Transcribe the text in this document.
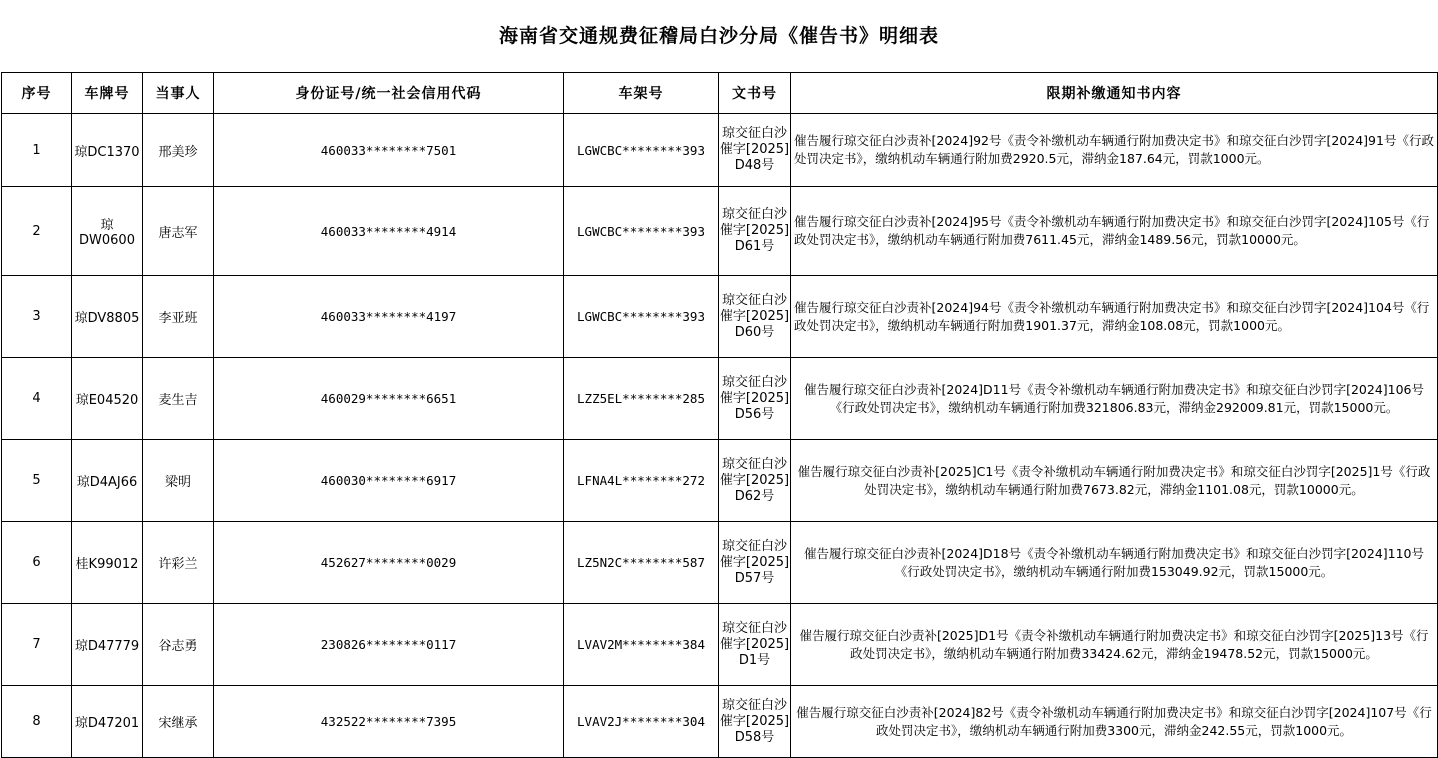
海南省交通规费征稽局白沙分局《催告书》明细表
序号	车牌号	当事人	身份证号/统一社会信用代码	车架号	文书号	限期补缴通知书内容
1	琼DC1370	邢美珍	460033********7501	LGWCBC********393	琼交征白沙催字[2025]D48号	催告履行琼交征白沙责补[2024]92号《责令补缴机动车辆通行附加费决定书》和琼交征白沙罚字[2024]91号《行政处罚决定书》，缴纳机动车辆通行附加费2920.5元，滞纳金187.64元，罚款1000元。
2	琼DW0600	唐志军	460033********4914	LGWCBC********393	琼交征白沙催字[2025]D61号	催告履行琼交征白沙责补[2024]95号《责令补缴机动车辆通行附加费决定书》和琼交征白沙罚字[2024]105号《行政处罚决定书》，缴纳机动车辆通行附加费7611.45元，滞纳金1489.56元，罚款10000元。
3	琼DV8805	李亚班	460033********4197	LGWCBC********393	琼交征白沙催字[2025]D60号	催告履行琼交征白沙责补[2024]94号《责令补缴机动车辆通行附加费决定书》和琼交征白沙罚字[2024]104号《行政处罚决定书》，缴纳机动车辆通行附加费1901.37元，滞纳金108.08元，罚款1000元。
4	琼E04520	麦生吉	460029********6651	LZZ5EL********285	琼交征白沙催字[2025]D56号	催告履行琼交征白沙责补[2024]D11号《责令补缴机动车辆通行附加费决定书》和琼交征白沙罚字[2024]106号《行政处罚决定书》，缴纳机动车辆通行附加费321806.83元，滞纳金292009.81元，罚款15000元。
5	琼D4AJ66	梁明	460030********6917	LFNA4L********272	琼交征白沙催字[2025]D62号	催告履行琼交征白沙责补[2025]C1号《责令补缴机动车辆通行附加费决定书》和琼交征白沙罚字[2025]1号《行政处罚决定书》，缴纳机动车辆通行附加费7673.82元，滞纳金1101.08元，罚款10000元。
6	桂K99012	许彩兰	452627********0029	LZ5N2C********587	琼交征白沙催字[2025]D57号	催告履行琼交征白沙责补[2024]D18号《责令补缴机动车辆通行附加费决定书》和琼交征白沙罚字[2024]110号《行政处罚决定书》，缴纳机动车辆通行附加费153049.92元，罚款15000元。
7	琼D47779	谷志勇	230826********0117	LVAV2M********384	琼交征白沙催字[2025]D1号	催告履行琼交征白沙责补[2025]D1号《责令补缴机动车辆通行附加费决定书》和琼交征白沙罚字[2025]13号《行政处罚决定书》，缴纳机动车辆通行附加费33424.62元，滞纳金19478.52元，罚款15000元。
8	琼D47201	宋继承	432522********7395	LVAV2J********304	琼交征白沙催字[2025]D58号	催告履行琼交征白沙责补[2024]82号《责令补缴机动车辆通行附加费决定书》和琼交征白沙罚字[2024]107号《行政处罚决定书》，缴纳机动车辆通行附加费3300元，滞纳金242.55元，罚款1000元。
